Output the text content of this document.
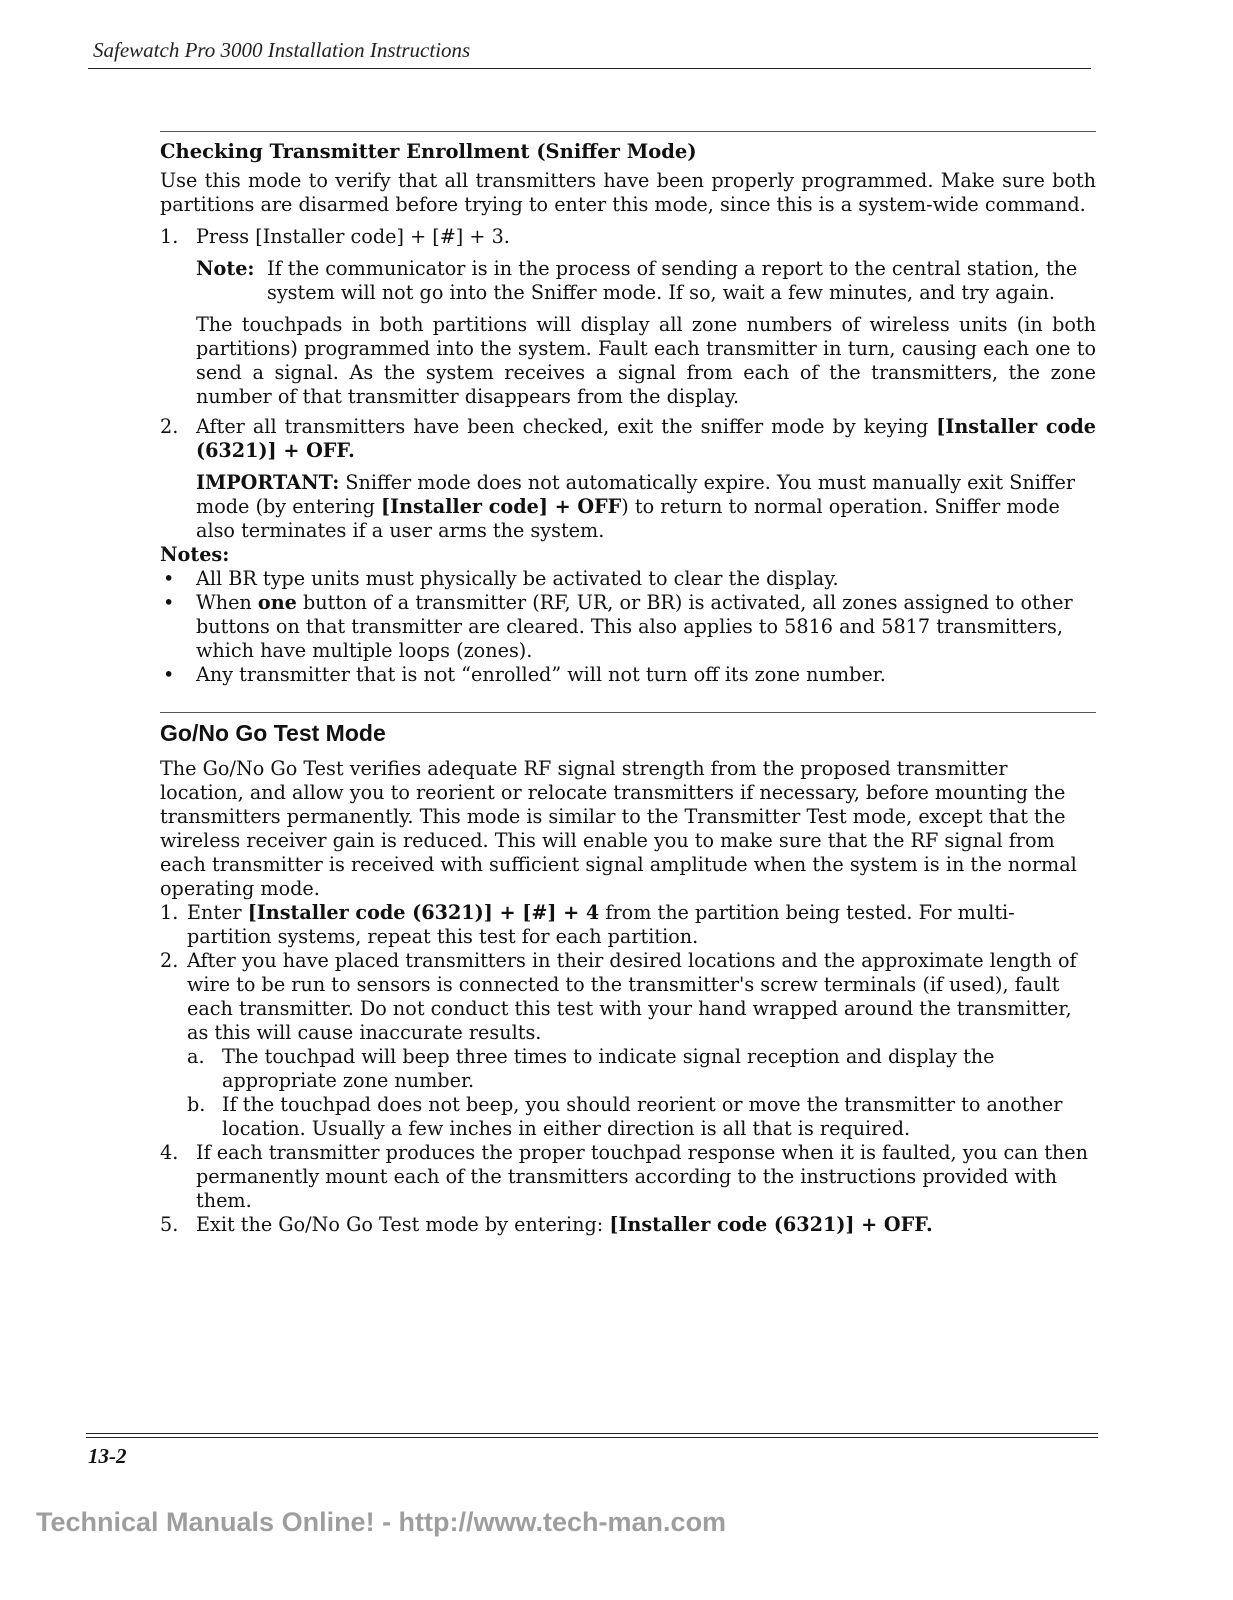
Safewatch Pro 3000 Installation Instructions
Checking Transmitter Enrollment (Sniffer Mode)

Use this mode to verify that all transmitters have been properly programmed. Make sure both partitions are disarmed before trying to enter this mode, since this is a system-wide command.

1. Press [Installer code] + [#] + 3.

Note: If the communicator is in the process of sending a report to the central station, the system will not go into the Sniffer mode. If so, wait a few minutes, and try again.

The touchpads in both partitions will display all zone numbers of wireless units (in both partitions) programmed into the system. Fault each transmitter in turn, causing each one to send a signal. As the system receives a signal from each of the transmitters, the zone number of that transmitter disappears from the display.

2. After all transmitters have been checked, exit the sniffer mode by keying [Installer code (6321)] + OFF.

IMPORTANT: Sniffer mode does not automatically expire. You must manually exit Sniffer mode (by entering [Installer code] + OFF) to return to normal operation. Sniffer mode also terminates if a user arms the system.

Notes:

• All BR type units must physically be activated to clear the display.

• When one button of a transmitter (RF, UR, or BR) is activated, all zones assigned to other buttons on that transmitter are cleared. This also applies to 5816 and 5817 transmitters, which have multiple loops (zones).

• Any transmitter that is not “enrolled” will not turn off its zone number.

Go/No Go Test Mode

The Go/No Go Test verifies adequate RF signal strength from the proposed transmitter location, and allow you to reorient or relocate transmitters if necessary, before mounting the transmitters permanently. This mode is similar to the Transmitter Test mode, except that the wireless receiver gain is reduced. This will enable you to make sure that the RF signal from each transmitter is received with sufficient signal amplitude when the system is in the normal operating mode.

1. Enter [Installer code (6321)] + [#] + 4 from the partition being tested. For multi-partition systems, repeat this test for each partition.

2. After you have placed transmitters in their desired locations and the approximate length of wire to be run to sensors is connected to the transmitter's screw terminals (if used), fault each transmitter. Do not conduct this test with your hand wrapped around the transmitter, as this will cause inaccurate results.

a. The touchpad will beep three times to indicate signal reception and display the appropriate zone number.

b. If the touchpad does not beep, you should reorient or move the transmitter to another location. Usually a few inches in either direction is all that is required.

4. If each transmitter produces the proper touchpad response when it is faulted, you can then permanently mount each of the transmitters according to the instructions provided with them.

5. Exit the Go/No Go Test mode by entering: [Installer code (6321)] + OFF.

13-2
Technical Manuals Online! - http://www.tech-man.com
